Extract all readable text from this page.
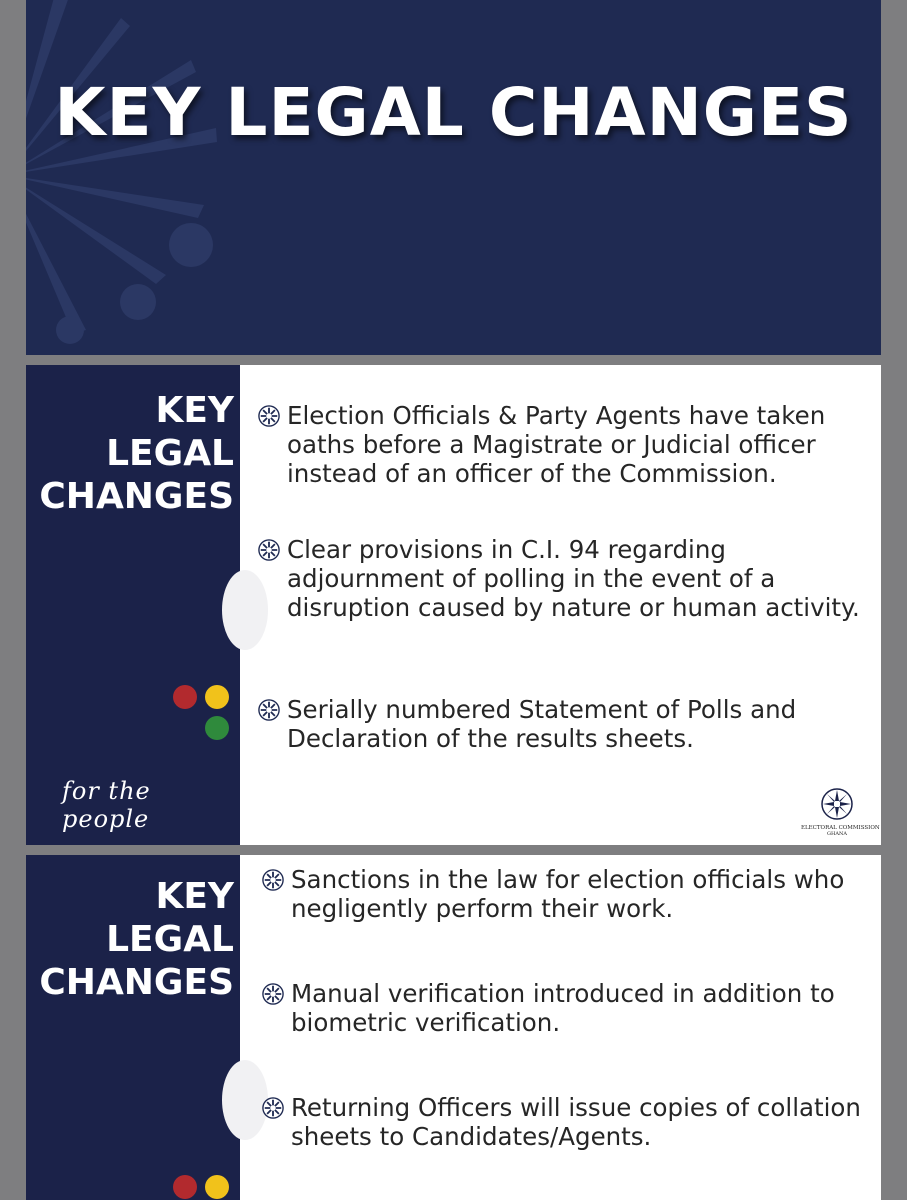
KEY LEGAL CHANGES
KEY
LEGAL
CHANGES

for the people

Election Officials & Party Agents have taken oaths before a Magistrate or Judicial officer instead of an officer of the Commission.
Clear provisions in C.I. 94 regarding adjournment of polling in the event of a disruption caused by nature or human activity.
Serially numbered Statement of Polls and Declaration of the results sheets.
ELECTORAL COMMISSION
GHANA
KEY
LEGAL
CHANGES
Sanctions in the law for election officials who negligently perform their work.
Manual verification introduced in addition to biometric verification.
Returning Officers will issue copies of collation sheets to Candidates/Agents.
